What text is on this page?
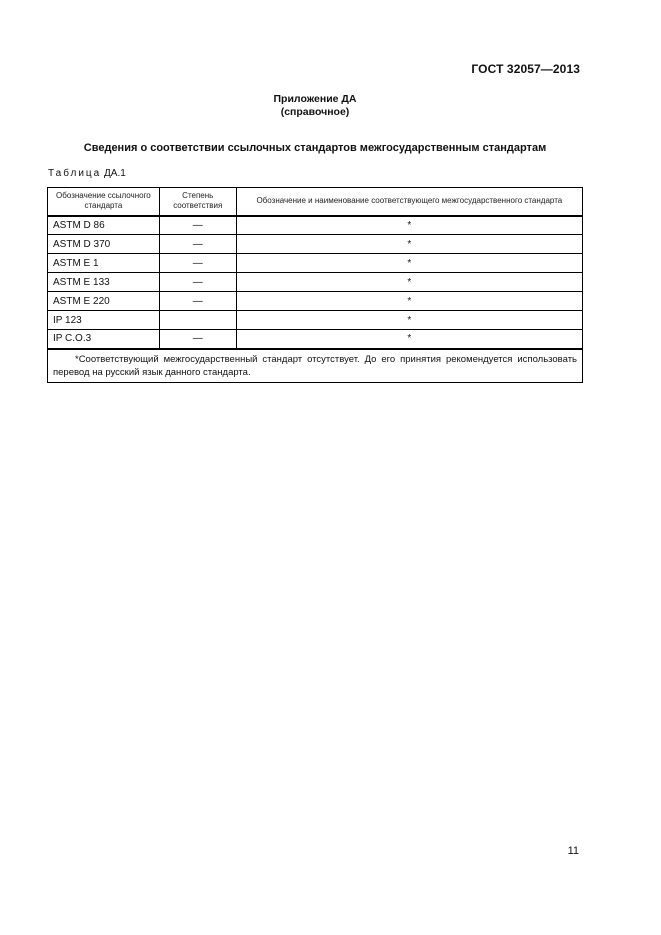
ГОСТ 32057—2013
Приложение ДА
(справочное)
Сведения о соответствии ссылочных стандартов межгосударственным стандартам
Таблица ДА.1
Обозначение ссылочного стандарта	Степень соответствия	Обозначение и наименование соответствующего межгосударственного стандарта
ASTM D 86	—	*
ASTM D 370	—	*
ASTM E 1	—	*
ASTM E 133	—	*
ASTM E 220	—	*
IP 123		*
IP C.O.3	—	*

*Соответствующий межгосударственный стандарт отсутствует. До его принятия рекомендуется использовать перевод на русский язык данного стандарта.		
11
